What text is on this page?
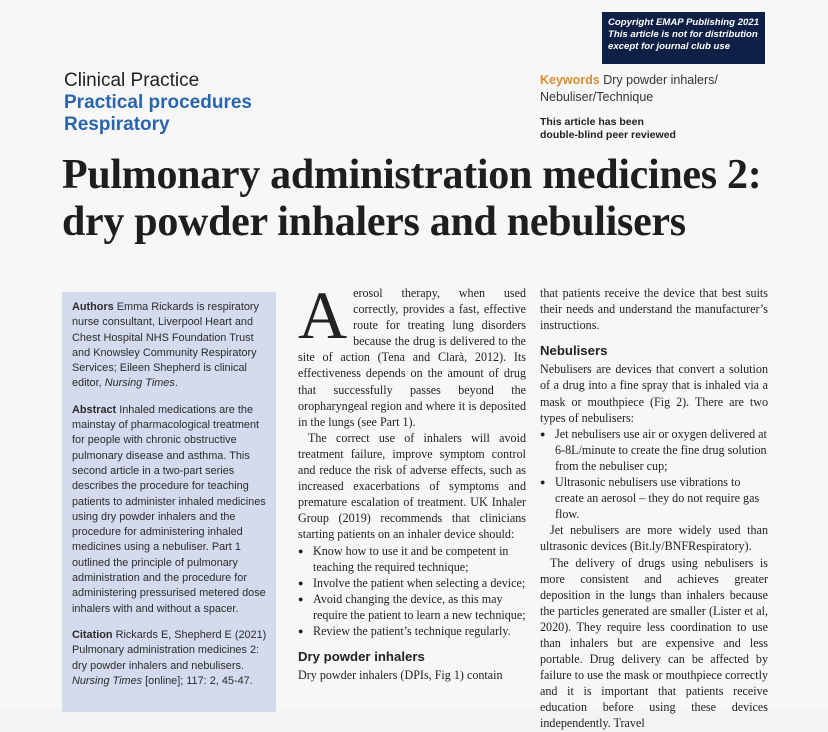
Copyright EMAP Publishing 2021
This article is not for distribution
except for journal club use
Clinical Practice
Practical procedures
Respiratory
Keywords Dry powder inhalers/ Nebuliser/Technique
This article has been
double-blind peer reviewed
Pulmonary administration medicines 2: dry powder inhalers and nebulisers

Authors Emma Rickards is respiratory nurse consultant, Liverpool Heart and Chest Hospital NHS Foundation Trust and Knowsley Community Respiratory Services; Eileen Shepherd is clinical editor, Nursing Times.

Abstract Inhaled medications are the mainstay of pharmacological treatment for people with chronic obstructive pulmonary disease and asthma. This second article in a two-part series describes the procedure for teaching patients to administer inhaled medicines using dry powder inhalers and the procedure for administering inhaled medicines using a nebuliser. Part 1 outlined the principle of pulmonary administration and the procedure for administering pressurised metered dose inhalers with and without a spacer.

Citation Rickards E, Shepherd E (2021) Pulmonary administration medicines 2: dry powder inhalers and nebulisers. Nursing Times [online]; 117: 2, 45-47.

Aerosol therapy, when used correctly, provides a fast, effective route for treating lung disorders because the drug is delivered to the site of action (Tena and Clarà, 2012). Its effectiveness depends on the amount of drug that successfully passes beyond the oropharyngeal region and where it is deposited in the lungs (see Part 1).

The correct use of inhalers will avoid treatment failure, improve symptom control and reduce the risk of adverse effects, such as increased exacerbations of symptoms and premature escalation of treatment. UK Inhaler Group (2019) recommends that clinicians starting patients on an inhaler device should:

● Know how to use it and be competent in teaching the required technique;
● Involve the patient when selecting a device;
● Avoid changing the device, as this may require the patient to learn a new technique;
● Review the patient’s technique regularly.
Dry powder inhalers

Dry powder inhalers (DPIs, Fig 1) contain

that patients receive the device that best suits their needs and understand the manufacturer’s instructions.

Nebulisers

Nebulisers are devices that convert a solution of a drug into a fine spray that is inhaled via a mask or mouthpiece (Fig 2). There are two types of nebulisers:

● Jet nebulisers use air or oxygen delivered at 6-8L/minute to create the fine drug solution from the nebuliser cup;
● Ultrasonic nebulisers use vibrations to create an aerosol – they do not require gas flow.

Jet nebulisers are more widely used than ultrasonic devices (Bit.ly/BNFRespiratory).

The delivery of drugs using nebulisers is more consistent and achieves greater deposition in the lungs than inhalers because the particles generated are smaller (Lister et al, 2020). They require less coordination to use than inhalers but are expensive and less portable. Drug delivery can be affected by failure to use the mask or mouthpiece correctly and it is important that patients receive education before using these devices independently. Travel
